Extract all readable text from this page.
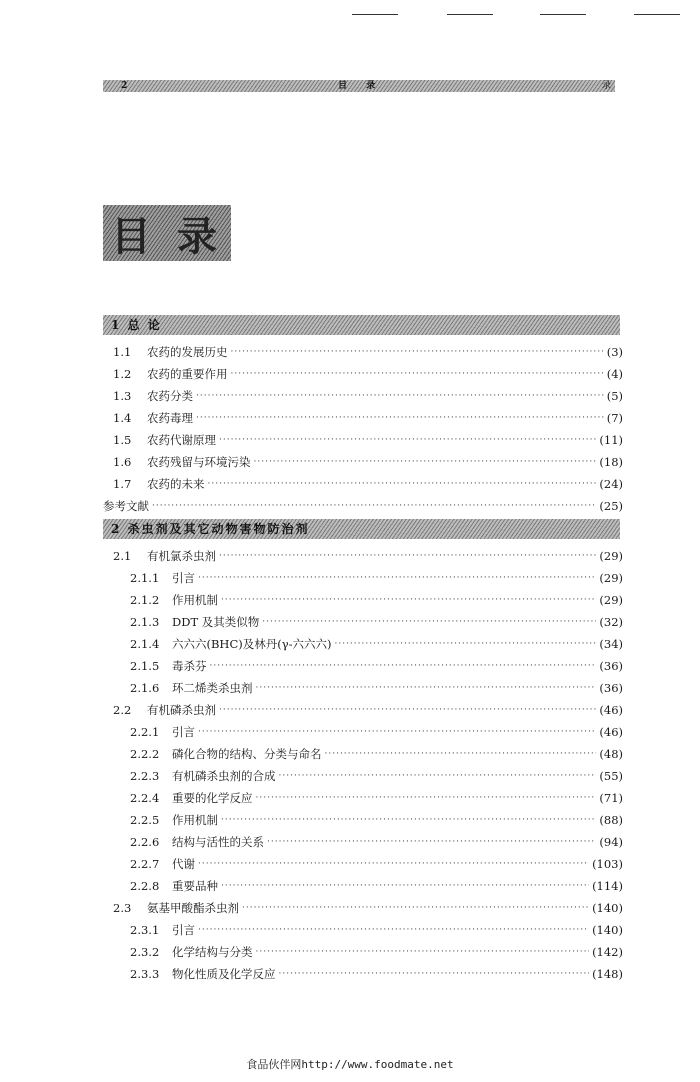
2	目 录	录
目 录
1 总 论
2 杀虫剂及其它动物害物防治剂
1.1	农药的发展历史 ·····	(3)
1.2	农药的重要作用 ·····	(4)
1.3	农药分类 ·····	(5)
1.4	农药毒理 ·····	(7)
1.5	农药代谢原理 ·····	(11)
1.6	农药残留与环境污染 ·····	(18)
1.7	农药的未来 ·····	(24)
参考文献 ·····	(25)
2.1	有机氯杀虫剂 ·····	(29)
2.1.1	引言 ·····	(29)
2.1.2	作用机制 ·····	(29)
2.1.3	DDT 及其类似物 ·····	(32)
2.1.4	六六六(BHC)及林丹(γ-六六六) ·····	(34)
2.1.5	毒杀芬 ·····	(36)
2.1.6	环二烯类杀虫剂 ·····	(36)
2.2	有机磷杀虫剂 ·····	(46)
2.2.1	引言 ·····	(46)
2.2.2	磷化合物的结构、分类与命名 ·····	(48)
2.2.3	有机磷杀虫剂的合成 ·····	(55)
2.2.4	重要的化学反应 ·····	(71)
2.2.5	作用机制 ·····	(88)
2.2.6	结构与活性的关系 ·····	(94)
2.2.7	代谢 ·····	(103)
2.2.8	重要品种 ·····	(114)
2.3	氨基甲酸酯杀虫剂 ·····	(140)
2.3.1	引言 ·····	(140)
2.3.2	化学结构与分类 ·····	(142)
2.3.3	物化性质及化学反应 ·····	(148)
食品伙伴网http://www.foodmate.net
